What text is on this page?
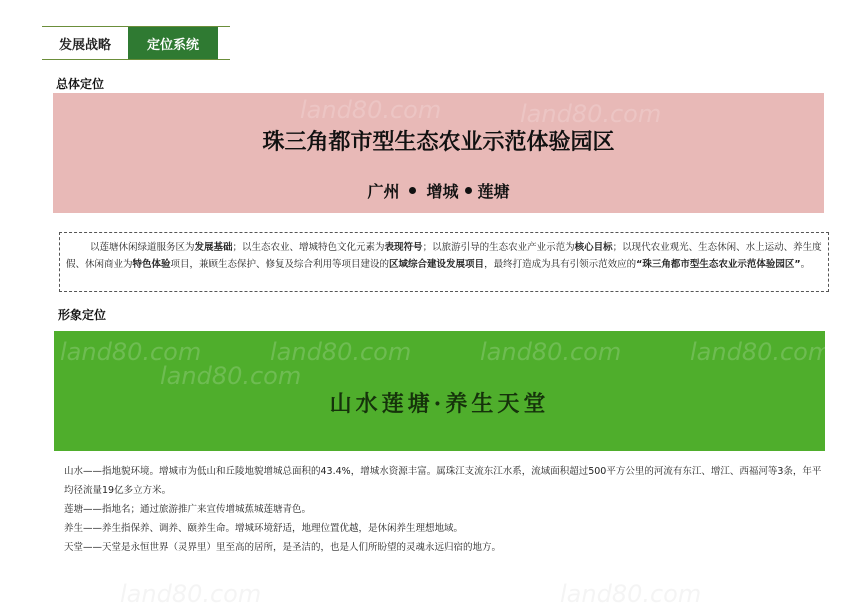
发展战略	定位系统
总体定位
珠三角都市型生态农业示范体验园区
广州 增城 莲塘

以莲塘休闲绿道服务区为发展基础；以生态农业、增城特色文化元素为表现符号；以旅游引导的生态农业产业示范为核心目标；以现代农业观光、生态休闲、水上运动、养生度假、休闲商业为特色体验项目，兼顾生态保护、修复及综合利用等项目建设的区域综合建设发展项目，最终打造成为具有引领示范效应的“珠三角都市型生态农业示范体验园区”。

形象定位
山水莲塘·养生天堂
山水——指地貌环境。增城市为低山和丘陵地貌增城总面积的43.4%，增城水资源丰富。属珠江支流东江水系，流域面积超过500平方公里的河流有东江、增江、西福河等3条，年平均径流量19亿多立方米。
莲塘——指地名；通过旅游推广来宣传增城蕉城莲塘青色。
养生——养生指保养、调养、颐养生命。增城环境舒适，地理位置优越，是休闲养生理想地域。
天堂——天堂是永恒世界（灵界里）里至高的居所，是圣洁的，也是人们所盼望的灵魂永远归宿的地方。
land80.com	land80.com
land80.com	land80.com	land80.com	land80.com
land80.com
land80.com	land80.com
